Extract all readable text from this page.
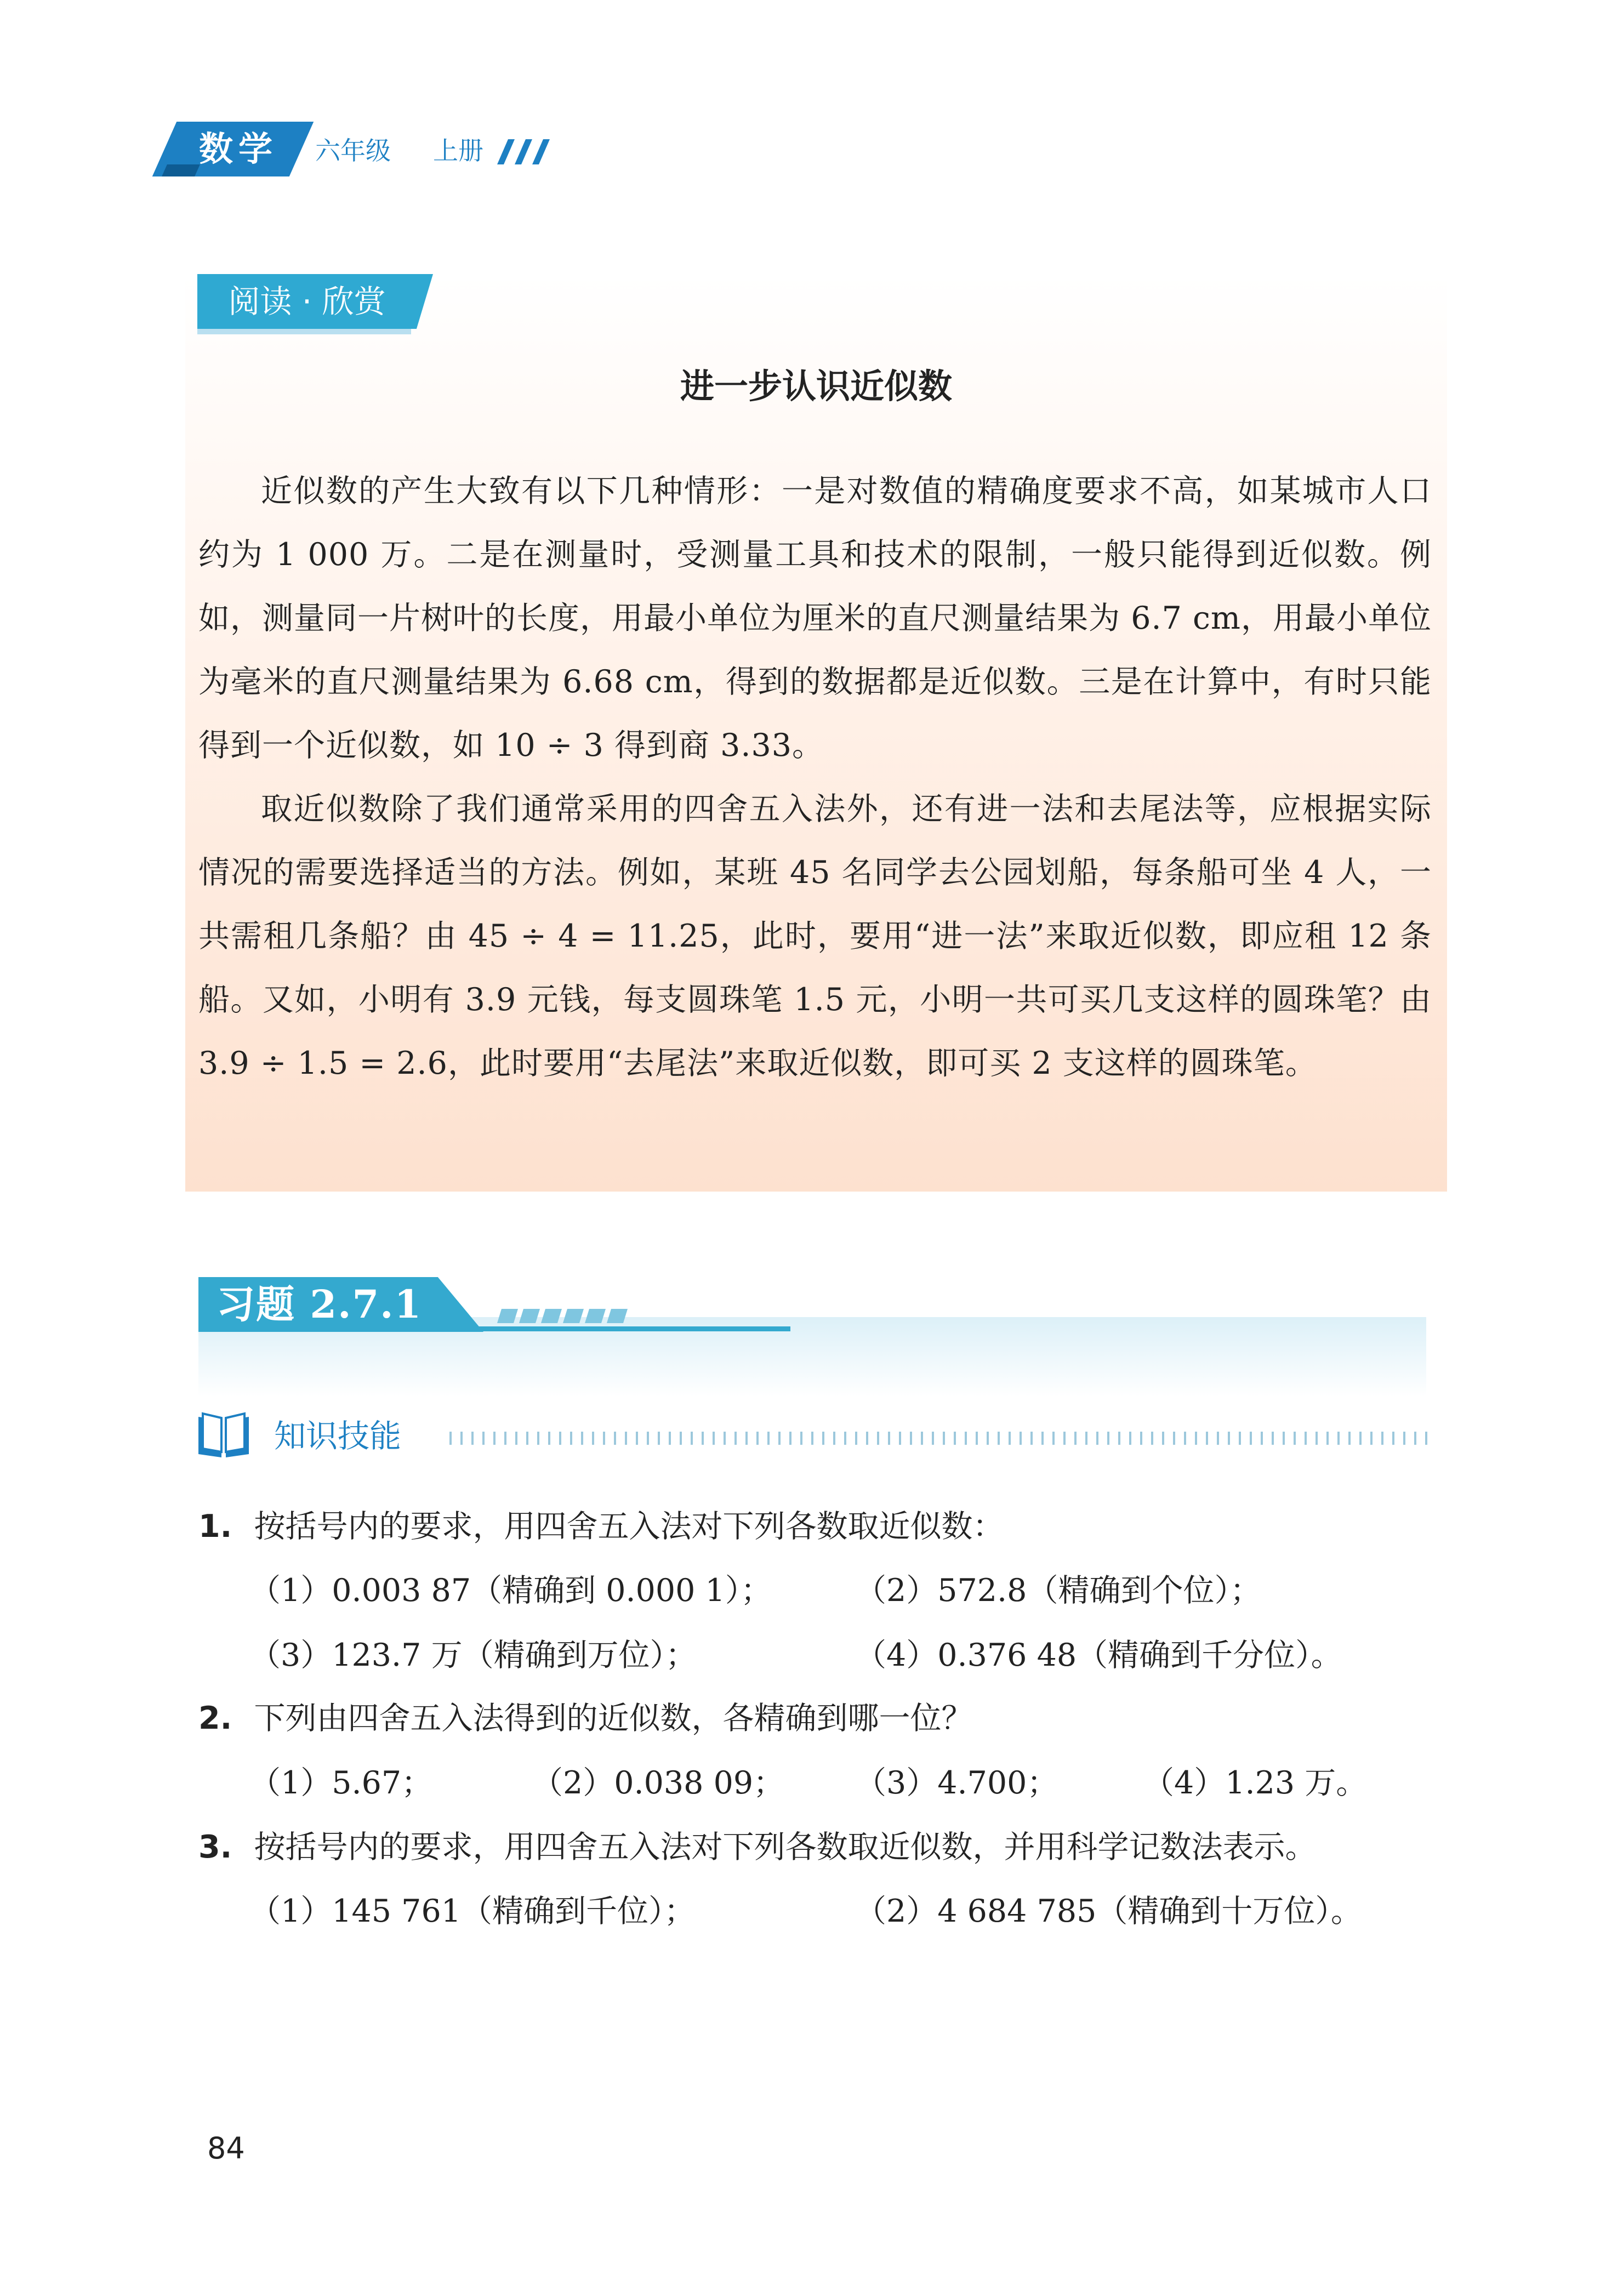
数学	六年级 上册
阅读 · 欣赏
进一步认识近似数

近似数的产生大致有以下几种情形：一是对数值的精确度要求不高，如某城市人口约为 1 000 万。二是在测量时，受测量工具和技术的限制，一般只能得到近似数。例如，测量同一片树叶的长度，用最小单位为厘米的直尺测量结果为 6.7 cm，用最小单位为毫米的直尺测量结果为 6.68 cm，得到的数据都是近似数。三是在计算中，有时只能得到一个近似数，如 10 ÷ 3 得到商 3.33。

取近似数除了我们通常采用的四舍五入法外，还有进一法和去尾法等，应根据实际情况的需要选择适当的方法。例如，某班 45 名同学去公园划船，每条船可坐 4 人，一共需租几条船？由 45 ÷ 4 = 11.25，此时，要用“进一法”来取近似数，即应租 12 条船。又如，小明有 3.9 元钱，每支圆珠笔 1.5 元，小明一共可买几支这样的圆珠笔？由 3.9 ÷ 1.5 = 2.6，此时要用“去尾法”来取近似数，即可买 2 支这样的圆珠笔。

习题 2.7.1
知识技能
1. 按括号内的要求，用四舍五入法对下列各数取近似数：
（1）0.003 87（精确到 0.000 1）；	（2）572.8（精确到个位）；
（3）123.7 万（精确到万位）；	（4）0.376 48（精确到千分位）。
2. 下列由四舍五入法得到的近似数，各精确到哪一位？
（1）5.67；	（2）0.038 09； （3）4.700；	（4）1.23 万。
3. 按括号内的要求，用四舍五入法对下列各数取近似数，并用科学记数法表示。
（1）145 761（精确到千位）；	（2）4 684 785（精确到十万位）。
84
